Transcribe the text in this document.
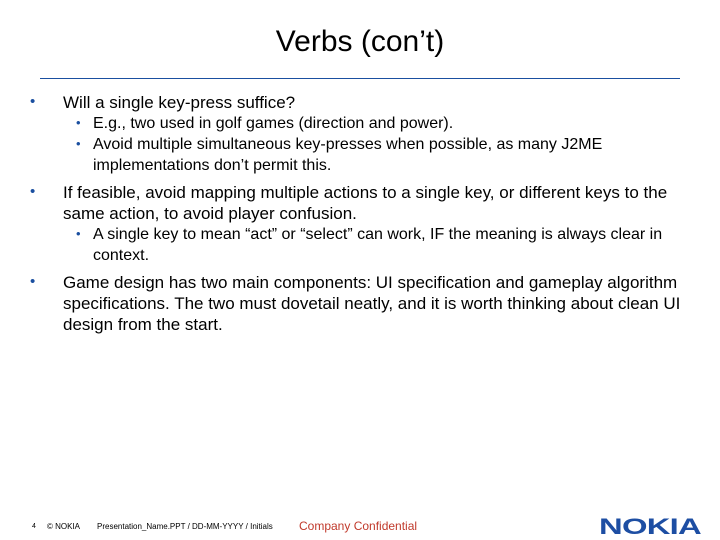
Verbs (con’t)
• Will a single key-press suffice?
• E.g., two used in golf games (direction and power).
• Avoid multiple simultaneous key-presses when possible, as many J2ME implementations don’t permit this.
• If feasible, avoid mapping multiple actions to a single key, or different keys to the same action, to avoid player confusion.
• A single key to mean “act” or “select” can work, IF the meaning is always clear in context.
• Game design has two main components: UI specification and gameplay algorithm specifications. The two must dovetail neatly, and it is worth thinking about clean UI design from the start.
4 © NOKIA Presentation_Name.PPT / DD-MM-YYYY / Initials Company Confidential	NOKIA
